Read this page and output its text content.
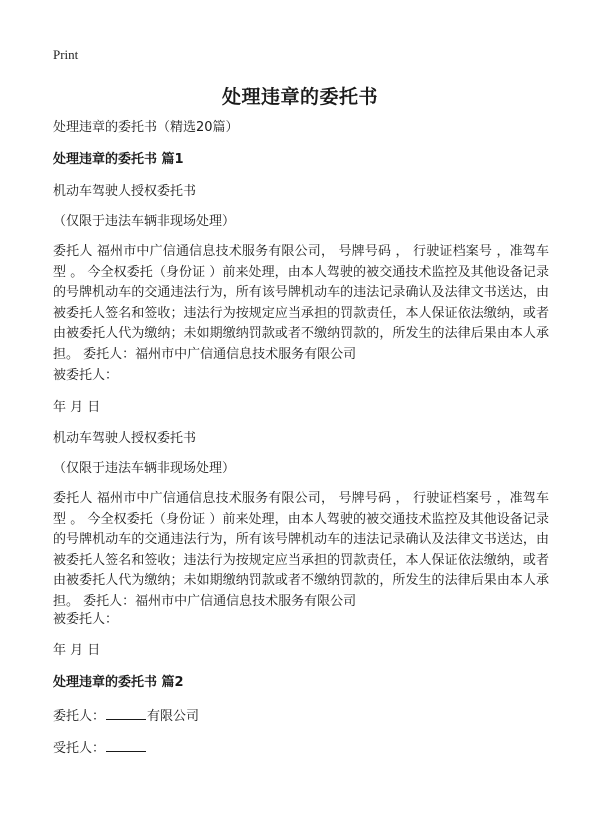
Print
处理违章的委托书
处理违章的委托书（精选20篇）
处理违章的委托书 篇1
机动车驾驶人授权委托书
（仅限于违法车辆非现场处理）
委托人 福州市中广信通信息技术服务有限公司， 号牌号码 ， 行驶证档案号 ，准驾车型 。 今全权委托（身份证 ）前来处理，由本人驾驶的被交通技术监控及其他设备记录的号牌机动车的交通违法行为，所有该号牌机动车的违法记录确认及法律文书送达，由被委托人签名和签收；违法行为按规定应当承担的罚款责任，本人保证依法缴纳，或者由被委托人代为缴纳；未如期缴纳罚款或者不缴纳罚款的，所发生的法律后果由本人承担。 委托人：福州市中广信通信息技术服务有限公司
被委托人：
年 月 日
机动车驾驶人授权委托书
（仅限于违法车辆非现场处理）
委托人 福州市中广信通信息技术服务有限公司， 号牌号码 ， 行驶证档案号 ，准驾车型 。 今全权委托（身份证 ）前来处理，由本人驾驶的被交通技术监控及其他设备记录的号牌机动车的交通违法行为，所有该号牌机动车的违法记录确认及法律文书送达，由被委托人签名和签收；违法行为按规定应当承担的罚款责任，本人保证依法缴纳，或者由被委托人代为缴纳；未如期缴纳罚款或者不缴纳罚款的，所发生的法律后果由本人承担。 委托人：福州市中广信通信息技术服务有限公司
被委托人：
年 月 日
处理违章的委托书 篇2
委托人：	有限公司
受托人：
